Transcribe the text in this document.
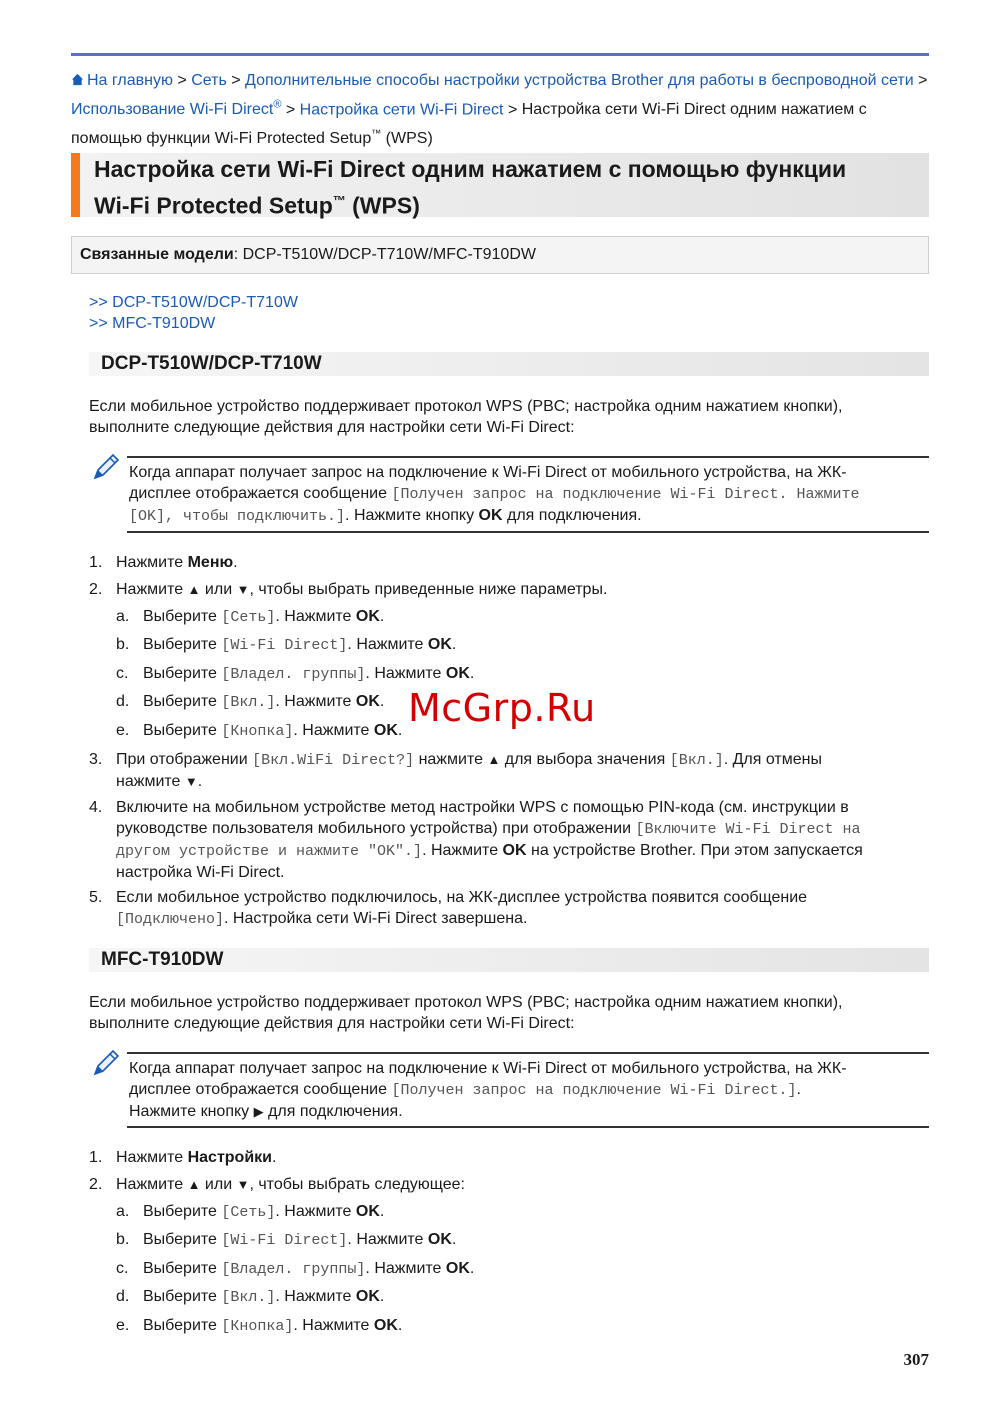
На главную > Сеть > Дополнительные способы настройки устройства Brother для работы в беспроводной сети > Использование Wi-Fi Direct® > Настройка сети Wi-Fi Direct > Настройка сети Wi-Fi Direct одним нажатием с помощью функции Wi-Fi Protected Setup™ (WPS)
Настройка сети Wi-Fi Direct одним нажатием с помощью функции
Wi-Fi Protected Setup™ (WPS)
Связанные модели: DCP-T510W/DCP-T710W/MFC-T910DW
>> DCP-T510W/DCP-T710W
>> MFC-T910DW
DCP-T510W/DCP-T710W
Если мобильное устройство поддерживает протокол WPS (PBC; настройка одним нажатием кнопки),
выполните следующие действия для настройки сети Wi-Fi Direct:
Когда аппарат получает запрос на подключение к Wi-Fi Direct от мобильного устройства, на ЖК-
дисплее отображается сообщение [Получен запрос на подключение Wi-Fi Direct. Нажмите
[OK], чтобы подключить.]. Нажмите кнопку OK для подключения.
1. Нажмите Меню.
2. Нажмите ▲ или ▼, чтобы выбрать приведенные ниже параметры.
a. Выберите [Сеть]. Нажмите OK.
b. Выберите [Wi-Fi Direct]. Нажмите OK.
c. Выберите [Владел. группы]. Нажмите OK.
d. Выберите [Вкл.]. Нажмите OK.
e. Выберите [Кнопка]. Нажмите OK.
3. При отображении [Вкл.WiFi Direct?] нажмите ▲ для выбора значения [Вкл.]. Для отмены
нажмите ▼.
4. Включите на мобильном устройстве метод настройки WPS с помощью PIN-кода (см. инструкции в
руководстве пользователя мобильного устройства) при отображении [Включите Wi-Fi Direct на
другом устройстве и нажмите "OK".]. Нажмите OK на устройстве Brother. При этом запускается
настройка Wi-Fi Direct.
5. Если мобильное устройство подключилось, на ЖК-дисплее устройства появится сообщение
[Подключено]. Настройка сети Wi-Fi Direct завершена.
MFC-T910DW
Если мобильное устройство поддерживает протокол WPS (PBC; настройка одним нажатием кнопки),
выполните следующие действия для настройки сети Wi-Fi Direct:
Когда аппарат получает запрос на подключение к Wi-Fi Direct от мобильного устройства, на ЖК-
дисплее отображается сообщение [Получен запрос на подключение Wi-Fi Direct.].
Нажмите кнопку ▶ для подключения.
1. Нажмите Настройки.
2. Нажмите ▲ или ▼, чтобы выбрать следующее:
a. Выберите [Сеть]. Нажмите OK.
b. Выберите [Wi-Fi Direct]. Нажмите OK.
c. Выберите [Владел. группы]. Нажмите OK.
d. Выберите [Вкл.]. Нажмите OK.
e. Выберите [Кнопка]. Нажмите OK.
McGrp.Ru
307
